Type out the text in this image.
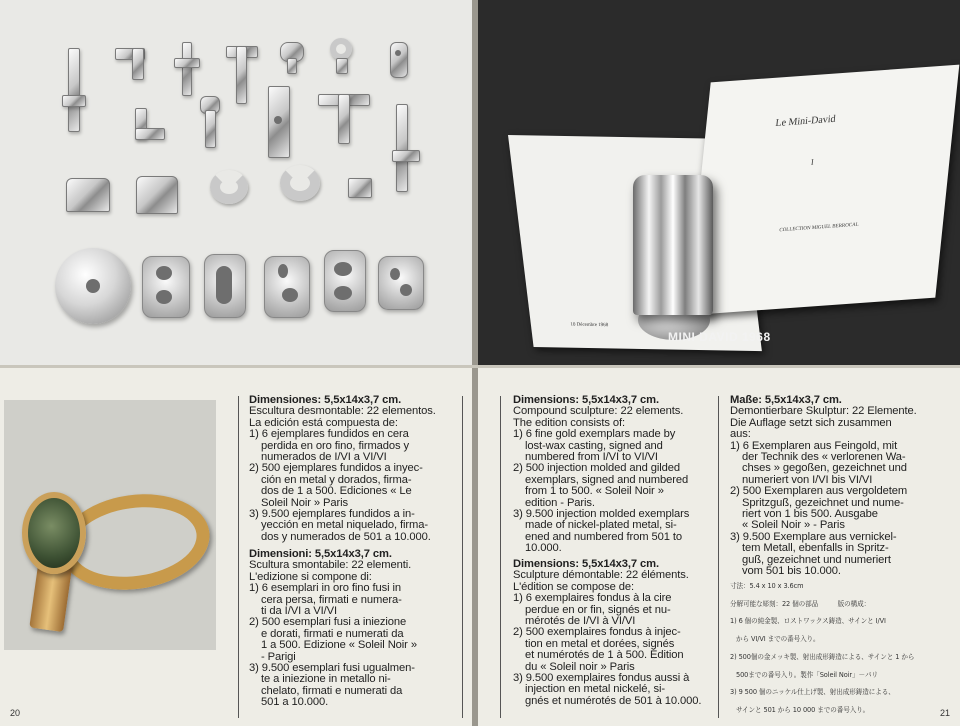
10 Décembre 1968
Le Mini-David
I
COLLECTION MIGUEL BERROCAL
MINI DAVID 1968
Dimensiones: 5,5x14x3,7 cm.
Escultura desmontable: 22 elementos.
La edición está compuesta de:
1) 6 ejemplares fundidos en cera
perdida en oro fino, firmados y
numerados de I/VI a VI/VI
2) 500 ejemplares fundidos a inyec-
ción en metal y dorados, firma-
dos de 1 a 500. Ediciones « Le
Soleil Noir » Paris
3) 9.500 ejemplares fundidos a in-
yección en metal niquelado, firma-
dos y numerados de 501 a 10.000.
Dimensioni: 5,5x14x3,7 cm.
Scultura smontabile: 22 elementi.
L'edizione si compone di:
1) 6 esemplari in oro fino fusi in
cera persa, firmati e numera-
ti da I/VI a VI/VI
2) 500 esemplari fusi a iniezione
e dorati, firmati e numerati da
1 a 500. Edizione « Soleil Noir »
- Parigi
3) 9.500 esemplari fusi ugualmen-
te a iniezione in metallo ni-
chelato, firmati e numerati da
501 a 10.000.
20
Dimensions: 5,5x14x3,7 cm.
Compound sculpture: 22 elements.
The edition consists of:
1) 6 fine gold exemplars made by
lost-wax casting, signed and
numbered from I/VI to VI/VI
2) 500 injection molded and gilded
exemplars, signed and numbered
from 1 to 500. « Soleil Noir »
edition - Paris.
3) 9.500 injection molded exemplars
made of nickel-plated metal, si-
ened and numbered from 501 to
10.000.
Dimensions: 5,5x14x3,7 cm.
Sculpture démontable: 22 éléments.
L'édition se compose de:
1) 6 exemplaires fondus à la cire
perdue en or fin, signés et nu-
mérotés de I/VI à VI/VI
2) 500 exemplaires fondus à injec-
tion en metal et dorées, signés
et numérotés de 1 à 500. Édition
du « Soleil noir » Paris
3) 9.500 exemplaires fondus aussi à
injection en metal nickelé, si-
gnés et numérotés de 501 à 10.000.
Maße: 5,5x14x3,7 cm.
Demontierbare Skulptur: 22 Elemente.
Die Auflage setzt sich zusammen
aus:
1) 6 Exemplaren aus Feingold, mit
der Technik des « verlorenen Wa-
chses » gegoßen, gezeichnet und
numeriert von I/VI bis VI/VI
2) 500 Exemplaren aus vergoldetem
Spritzguß, gezeichnet und nume-
riert von 1 bis 500. Ausgabe
« Soleil Noir » - Paris
3) 9.500 Exemplare aus vernickel-
tem Metall, ebenfalls in Spritz-
guß, gezeichnet und numeriert
vom 501 bis 10.000.
寸法：5.4 x 10 x 3.6cm
分解可能な彫刻：22 個の部品　　　版の構成：
1) 6 個の純金製、ロストワックス鋳造、サインと I/VI
から VI/VI までの番号入り。
2) 500個の金メッキ製、射出成形鋳造による、サインと 1 から
500までの番号入り。製作「Soleil Noir」－パリ
3) 9 500 個のニッケル仕上げ製、射出成形鋳造による、
サインと 501 から 10 000 までの番号入り。	21
